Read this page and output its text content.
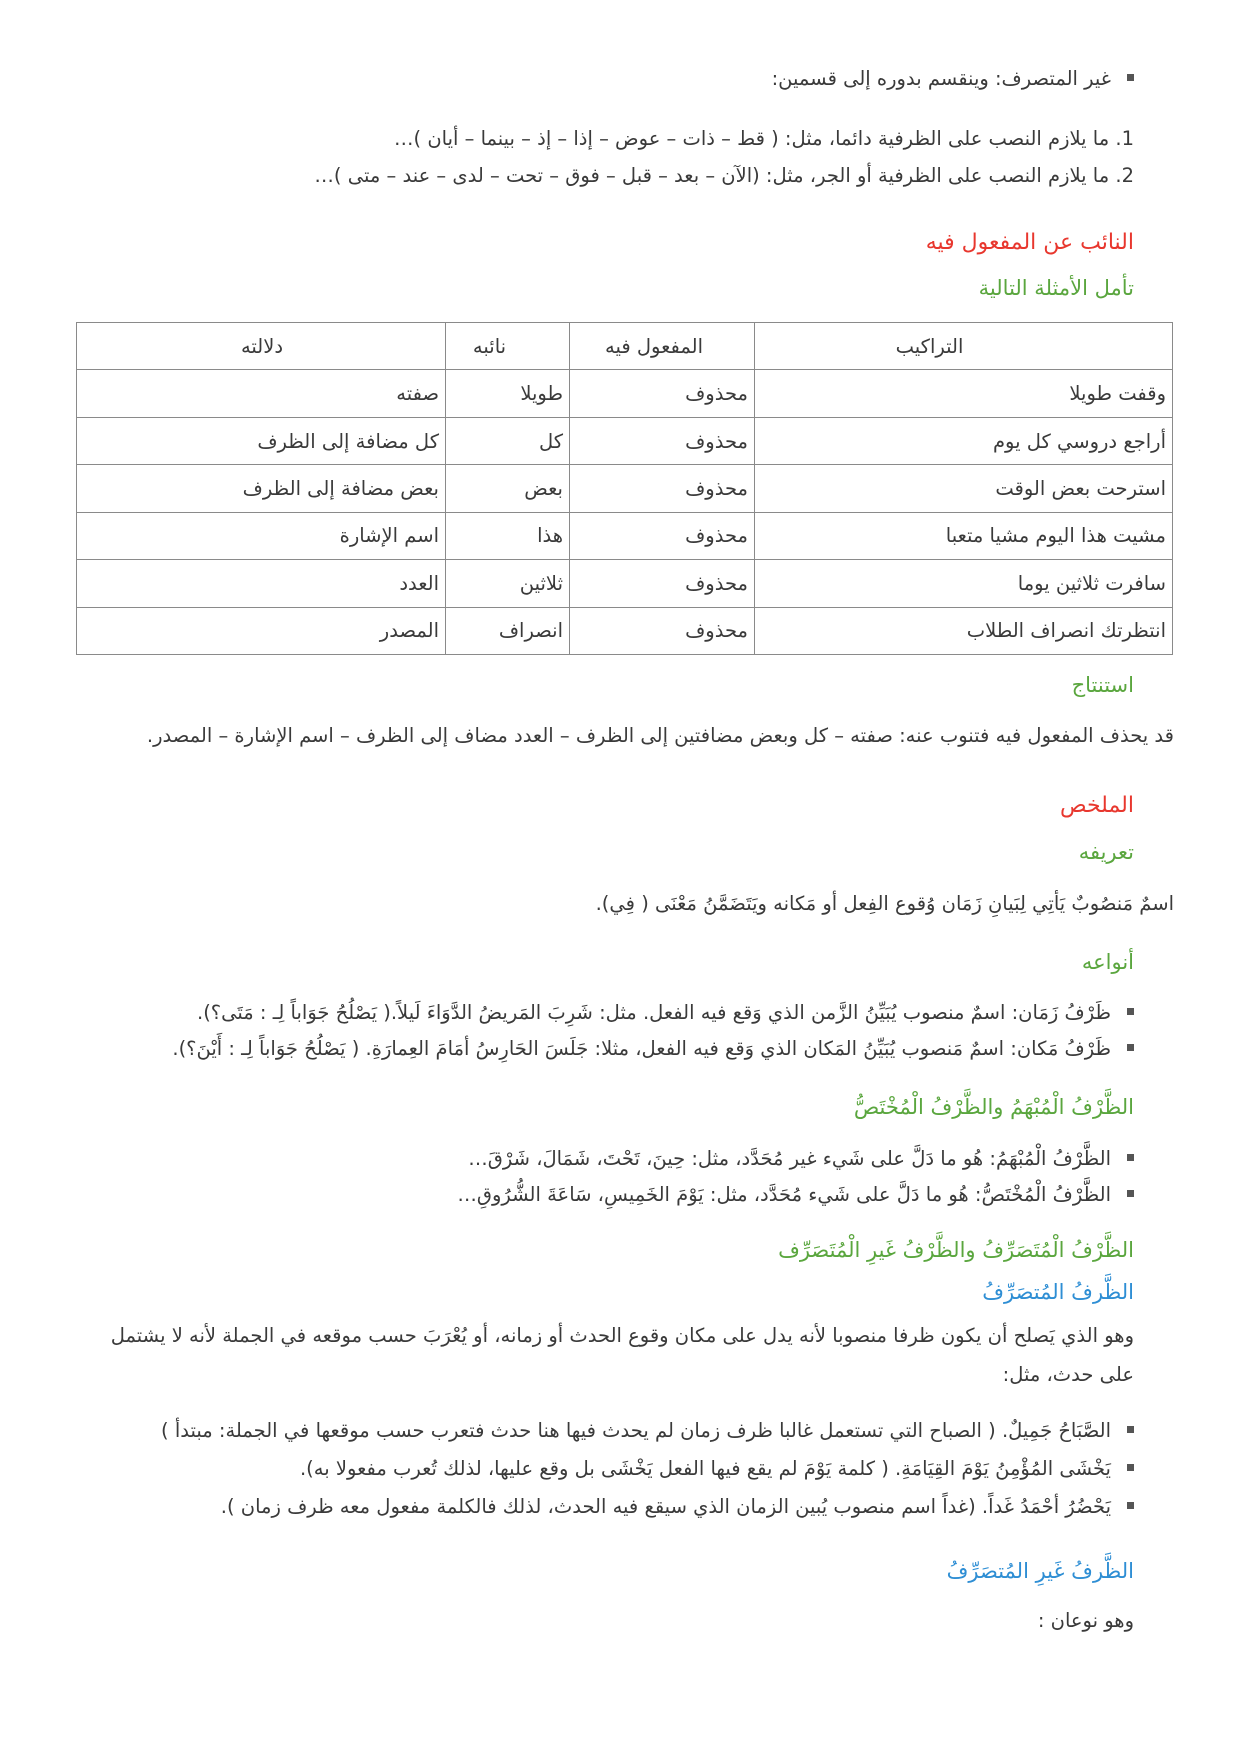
غير المتصرف: وينقسم بدوره إلى قسمين:
1. ما يلازم النصب على الظرفية دائما، مثل: ( قط – ذات – عوض – إذا – إذ – بينما – أيان )…
2. ما يلازم النصب على الظرفية أو الجر، مثل: (الآن – بعد – قبل – فوق – تحت – لدى – عند – متى )…
النائب عن المفعول فيه
تأمل الأمثلة التالية
التراكيب	المفعول فيه	نائبه	دلالته
وقفت طويلا	محذوف	طويلا	صفته
أراجع دروسي كل يوم	محذوف	كل	كل مضافة إلى الظرف
استرحت بعض الوقت	محذوف	بعض	بعض مضافة إلى الظرف
مشيت هذا اليوم مشيا متعبا	محذوف	هذا	اسم الإشارة
سافرت ثلاثين يوما	محذوف	ثلاثين	العدد
انتظرتك انصراف الطلاب	محذوف	انصراف	المصدر
استنتاج
قد يحذف المفعول فيه فتنوب عنه: صفته – كل وبعض مضافتين إلى الظرف – العدد مضاف إلى الظرف – اسم الإشارة – المصدر.
الملخص
تعريفه
اسمٌ مَنصُوبٌ يَأتِي لِبَيانِ زَمَان وُقوع الفِعل أو مَكانه ويَتَضَمَّنُ مَعْنَى ( فِي).
أنواعه
ظَرْفُ زَمَان: اسمٌ منصوب يُبَيِّنُ الزَّمن الذي وَقع فيه الفعل. مثل: شَرِبَ المَريضُ الدَّوَاءَ لَيلاً.( يَصْلُحُ جَوَاباً لِـ : مَتَى؟).
ظَرْفُ مَكان: اسمٌ مَنصوب يُبَيِّنُ المَكان الذي وَقع فيه الفعل، مثلا: جَلَسَ الحَارِسُ أمَامَ العِمارَةِ. ( يَصْلُحُ جَوَاباً لِـ : أَيْنَ؟).
الظَّرْفُ الْمُبْهَمُ والظَّرْفُ الْمُخْتَصُّ
الظَّرْفُ الْمُبْهَمُ: هُو ما دَلَّ على شَيء غير مُحَدَّد، مثل: حِينَ، تَحْتَ، شَمَالَ، شَرْقَ…
الظَّرْفُ الْمُخْتَصُّ: هُو ما دَلَّ على شَيء مُحَدَّد، مثل: يَوْمَ الخَمِيسِ، سَاعَةَ الشُّرُوقِ…
الظَّرْفُ الْمُتَصَرِّفُ والظَّرْفُ غَيرِ الْمُتَصَرِّف
الظَّرفُ المُتصَرِّفُ
وهو الذي يَصلح أن يكون ظرفا منصوبا لأنه يدل على مكان وقوع الحدث أو زمانه، أو يُعْرَبَ حسب موقعه في الجملة لأنه لا يشتمل على حدث، مثل:
الصَّبَاحُ جَمِيلٌ. ( الصباح التي تستعمل غالبا ظرف زمان لم يحدث فيها هنا حدث فتعرب حسب موقعها في الجملة: مبتدأ )
يَخْشَى المُؤْمِنُ يَوْمَ القِيَامَةِ. ( كلمة يَوْمَ لم يقع فيها الفعل يَخْشَى بل وقع عليها، لذلك تُعرب مفعولا به).
يَحْضُرُ أحْمَدُ غَداً. (غداً اسم منصوب يُبين الزمان الذي سيقع فيه الحدث، لذلك فالكلمة مفعول معه ظرف زمان ).
الظَّرفُ غَيرِ المُتصَرِّفُ
وهو نوعان :
